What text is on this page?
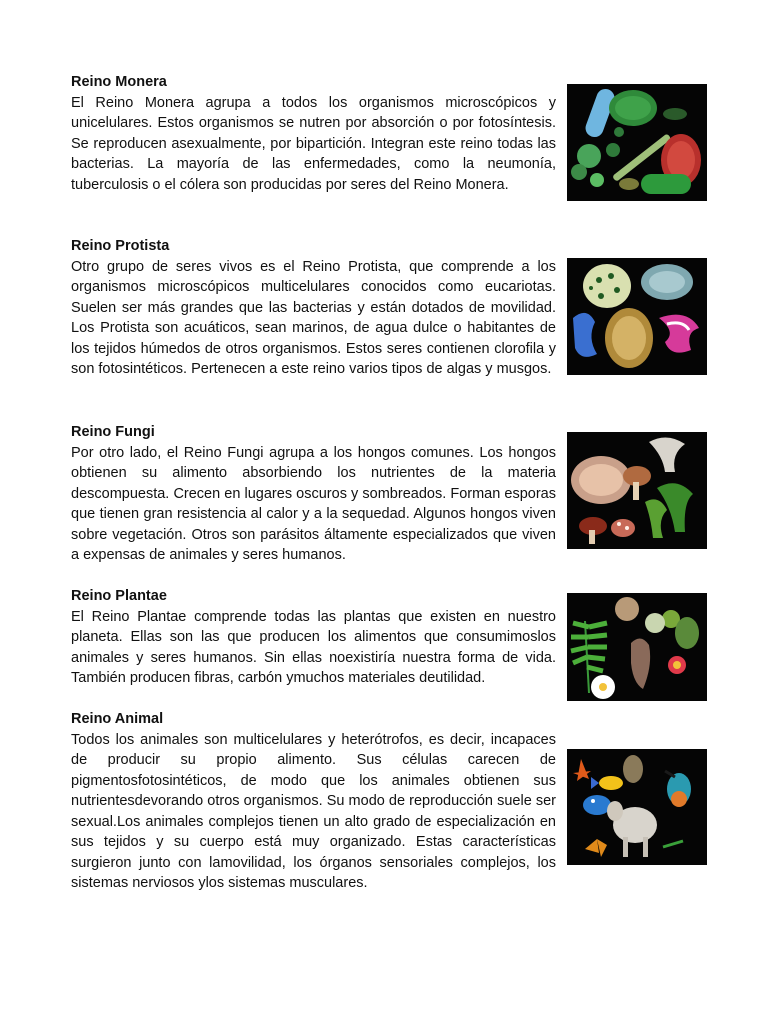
Reino Monera

El Reino Monera agrupa a todos los organismos microscópicos y unicelulares. Estos organismos se nutren por absorción o por fotosíntesis. Se reproducen asexualmente, por bipartición. Integran este reino todas las bacterias. La mayoría de las enfermedades, como la neumonía, tuberculosis o el cólera son producidas por seres del Reino Monera.

Reino Protista

Otro grupo de seres vivos es el Reino Protista, que comprende a los organismos microscópicos multicelulares conocidos como eucariotas. Suelen ser más grandes que las bacterias y están dotados de movilidad. Los Protista son acuáticos, sean marinos, de agua dulce o habitantes de los tejidos húmedos de otros organismos. Estos seres contienen clorofila y son fotosintéticos. Pertenecen a este reino varios tipos de algas y musgos.

Reino Fungi

Por otro lado, el Reino Fungi agrupa a los hongos comunes. Los hongos obtienen su alimento absorbiendo los nutrientes de la materia descompuesta. Crecen en lugares oscuros y sombreados. Forman esporas que tienen gran resistencia al calor y a la sequedad. Algunos hongos viven sobre vegetación. Otros son parásitos áltamente especializados que viven a expensas de animales y seres humanos.

Reino Plantae

El Reino Plantae comprende todas las plantas que existen en nuestro planeta. Ellas son las que producen los alimentos que consumimoslos animales y seres humanos. Sin ellas noexistiría nuestra forma de vida. También producen fibras, carbón ymuchos materiales deutilidad.

Reino Animal

Todos los animales son multicelulares y heterótrofos, es decir, incapaces de producir su propio alimento. Sus células carecen de pigmentosfotosintéticos, de modo que los animales obtienen sus nutrientesdevorando otros organismos. Su modo de reproducción suele ser sexual.Los animales complejos tienen un alto grado de especialización en sus tejidos y su cuerpo está muy organizado. Estas características surgieron junto con lamovilidad, los órganos sensoriales complejos, los sistemas nerviosos ylos sistemas musculares.
